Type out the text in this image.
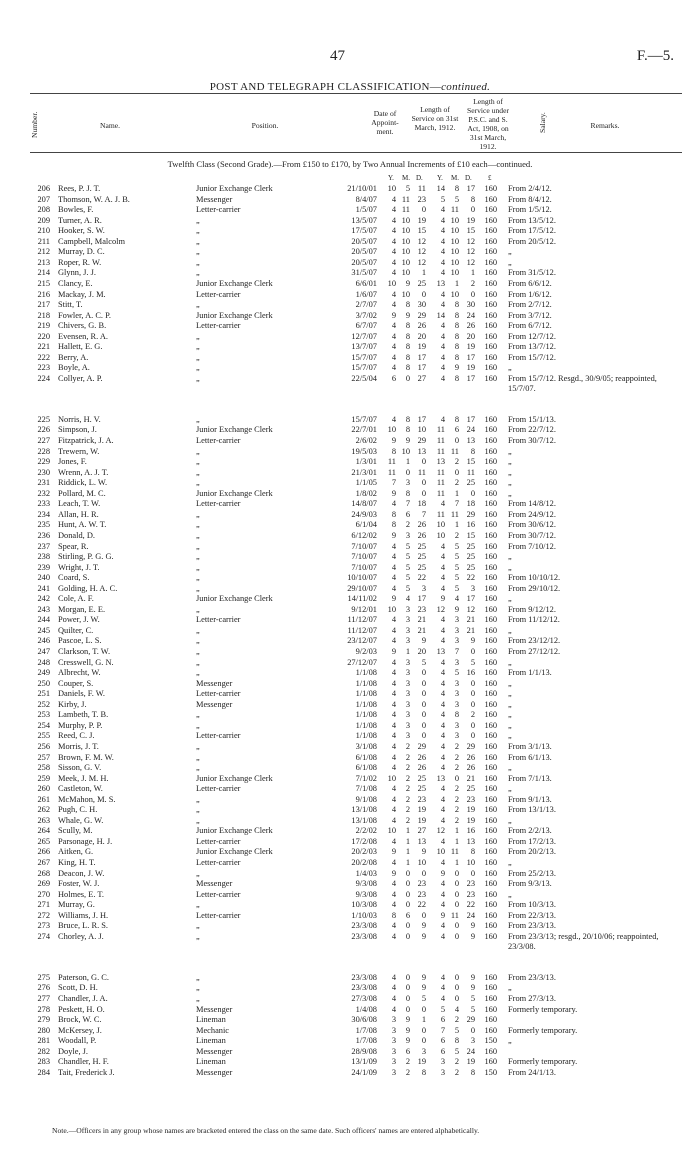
47	F.—5.
POST AND TELEGRAPH CLASSIFICATION—continued.
Number.	Name.	Position.
Date of Appoint- ment.
Length of Service on 31st March, 1912.
Length of Service under P.S.C. and S. Act, 1908, on 31st March, 1912.
Salary.	Remarks.
Twelfth Class (Second Grade).—From £150 to £170, by Two Annual Increments of £10 each—continued.
Y. M. D. Y. M. D. £
206 Rees, P. J. T.	Junior Exchange Clerk	21/10/01	10	5 11	14	8 17	160 From 2/4/12.
207 Thomson, W. A. J. B.	Messenger	8/4/07	4 11 23	5	5	8	160 From 8/4/12.
208 Bowles, F.	Letter-carrier	1/5/07	4 11	0	4 11	0	160 From 1/5/12.
209 Turner, A. R.	„	13/5/07	4 10 19	4 10 19	160 From 13/5/12.
210 Hooker, S. W.	„	17/5/07	4 10 15	4 10 15	160 From 17/5/12.
211 Campbell, Malcolm	„	20/5/07	4 10 12	4 10 12	160 From 20/5/12.
212 Murray, D. C.	„	20/5/07	4 10 12	4 10 12	160 „
213 Roper, R. W.	„	20/5/07	4 10 12	4 10 12	160 „
214 Glynn, J. J.	„	31/5/07	4 10	1	4 10	1	160 From 31/5/12.
215 Clancy, E.	Junior Exchange Clerk	6/6/01	10	9 25	13	1	2	160 From 6/6/12.
216 Mackay, J. M.	Letter-carrier	1/6/07	4 10	0	4 10	0	160 From 1/6/12.
217 Stitt, T.	„	2/7/07	4	8 30	4	8 30	160 From 2/7/12.
218 Fowler, A. C. P.	Junior Exchange Clerk	3/7/02	9	9 29	14	8 24	160 From 3/7/12.
219 Chivers, G. B.	Letter-carrier	6/7/07	4	8 26	4	8 26	160 From 6/7/12.
220 Evensen, R. A.	„	12/7/07	4	8 20	4	8 20	160 From 12/7/12.
221 Hallett, E. G.	„	13/7/07	4	8 19	4	8 19	160 From 13/7/12.
222 Berry, A.	„	15/7/07	4	8 17	4	8 17	160 From 15/7/12.
223 Boyle, A.	„	15/7/07	4	8 17	4	9 19	160 „
224 Collyer, A. P.	„	22/5/04	6	0 27	4	8 17	160 From 15/7/12. Resgd., 30/9/05; reappointed, 15/7/07.
225 Norris, H. V.	„	15/7/07	4	8 17	4	8 17	160 From 15/1/13.
226 Simpson, J.	Junior Exchange Clerk	22/7/01	10	8 10	11	6 24	160 From 22/7/12.
227 Fitzpatrick, J. A.	Letter-carrier	2/6/02	9	9 29	11	0 13	160 From 30/7/12.
228 Trewern, W.	„	19/5/03	8 10 13	11 11	8	160 „
229 Jones, F.	„	1/3/01	11	1	0	13	2 15	160 „
230 Wrenn, A. J. T.	„	21/3/01	11	0 11	11	0 11	160 „
231 Riddick, L. W.	„	1/1/05	7	3	0	11	2 25	160 „
232 Pollard, M. C.	Junior Exchange Clerk	1/8/02	9	8	0	11	1	0	160 „
233 Leach, T. W.	Letter-carrier	14/8/07	4	7 18	4	7 18	160 From 14/8/12.
234 Allan, H. R.	„	24/9/03	8	6	7	11 11 29	160 From 24/9/12.
235 Hunt, A. W. T.	„	6/1/04	8	2 26	10	1 16	160 From 30/6/12.
236 Donald, D.	„	6/12/02	9	3 26	10	2 15	160 From 30/7/12.
237 Spear, R.	„	7/10/07	4	5 25	4	5 25	160 From 7/10/12.
238 Stirling, P. G. G.	„	7/10/07	4	5 25	4	5 25	160 „
239 Wright, J. T.	„	7/10/07	4	5 25	4	5 25	160 „
240 Coard, S.	„	10/10/07	4	5 22	4	5 22	160 From 10/10/12.
241 Golding, H. A. C.	„	29/10/07	4	5	3	4	5	3	160 From 29/10/12.
242 Cole, A. F.	Junior Exchange Clerk	14/11/02	9	4 17	9	4 17	160 „
243 Morgan, E. E.	„	9/12/01	10	3 23	12	9 12	160 From 9/12/12.
244 Power, J. W.	Letter-carrier	11/12/07	4	3 21	4	3 21	160 From 11/12/12.
245 Quilter, C.	„	11/12/07	4	3 21	4	3 21	160 „
246 Pascoe, L. S.	„	23/12/07	4	3	9	4	3	9	160 From 23/12/12.
247 Clarkson, T. W.	„	9/2/03	9	1 20	13	7	0	160 From 27/12/12.
248 Cresswell, G. N.	„	27/12/07	4	3	5	4	3	5	160 „
249 Albrecht, W.	„	1/1/08	4	3	0	4	5 16	160 From 1/1/13.
250 Couper, S.	Messenger	1/1/08	4	3	0	4	3	0	160 „
251 Daniels, F. W.	Letter-carrier	1/1/08	4	3	0	4	3	0	160 „
252 Kirby, J.	Messenger	1/1/08	4	3	0	4	3	0	160 „
253 Lambeth, T. B.	„	1/1/08	4	3	0	4	8	2	160 „
254 Murphy, P. P.	„	1/1/08	4	3	0	4	3	0	160 „
255 Reed, C. J.	Letter-carrier	1/1/08	4	3	0	4	3	0	160 „
256 Morris, J. T.	„	3/1/08	4	2 29	4	2 29	160 From 3/1/13.
257 Brown, F. M. W.	„	6/1/08	4	2 26	4	2 26	160 From 6/1/13.
258 Sisson, G. V.	„	6/1/08	4	2 26	4	2 26	160 „
259 Meek, J. M. H.	Junior Exchange Clerk	7/1/02	10	2 25	13	0 21	160 From 7/1/13.
260 Castleton, W.	Letter-carrier	7/1/08	4	2 25	4	2 25	160 „
261 McMahon, M. S.	„	9/1/08	4	2 23	4	2 23	160 From 9/1/13.
262 Pugh, C. H.	„	13/1/08	4	2 19	4	2 19	160 From 13/1/13.
263 Whale, G. W.	„	13/1/08	4	2 19	4	2 19	160 „
264 Scully, M.	Junior Exchange Clerk	2/2/02	10	1 27	12	1 16	160 From 2/2/13.
265 Parsonage, H. J.	Letter-carrier	17/2/08	4	1 13	4	1 13	160 From 17/2/13.
266 Aitken, G.	Junior Exchange Clerk	20/2/03	9	1	9	10 11	8	160 From 20/2/13.
267 King, H. T.	Letter-carrier	20/2/08	4	1 10	4	1 10	160 „
268 Deacon, J. W.	„	1/4/03	9	0	0	9	0	0	160 From 25/2/13.
269 Foster, W. J.	Messenger	9/3/08	4	0 23	4	0 23	160 From 9/3/13.
270 Holmes, E. T.	Letter-carrier	9/3/08	4	0 23	4	0 23	160 „
271 Murray, G.	„	10/3/08	4	0 22	4	0 22	160 From 10/3/13.
272 Williams, J. H.	Letter-carrier	1/10/03	8	6	0	9 11 24	160 From 22/3/13.
273 Bruce, L. R. S.	„	23/3/08	4	0	9	4	0	9	160 From 23/3/13.
274 Chorley, A. J.	„	23/3/08	4	0	9	4	0	9	160 From 23/3/13; resgd., 20/10/06; reappointed, 23/3/08.
275 Paterson, G. C.	„	23/3/08	4	0	9	4	0	9	160 From 23/3/13.
276 Scott, D. H.	„	23/3/08	4	0	9	4	0	9	160 „
277 Chandler, J. A.	„	27/3/08	4	0	5	4	0	5	160 From 27/3/13.
278 Peskett, H. O.	Messenger	1/4/08	4	0	0	5	4	5	160 Formerly temporary.
279 Brock, W. C.	Lineman	30/6/08	3	9	1	6	2 29	160
280 McKersey, J.	Mechanic	1/7/08	3	9	0	7	5	0	160 Formerly temporary.
281 Woodall, P.	Lineman	1/7/08	3	9	0	6	8	3	150 „
282 Doyle, J.	Messenger	28/9/08	3	6	3	6	5 24	160
283 Chandler, H. F.	Lineman	13/1/09	3	2 19	3	2 19	160 Formerly temporary.
284 Tait, Frederick J.	Messenger	24/1/09	3	2	8	3	2	8	150 From 24/1/13.
Note.—Officers in any group whose names are bracketed entered the class on the same date. Such officers' names are entered alphabetically.
